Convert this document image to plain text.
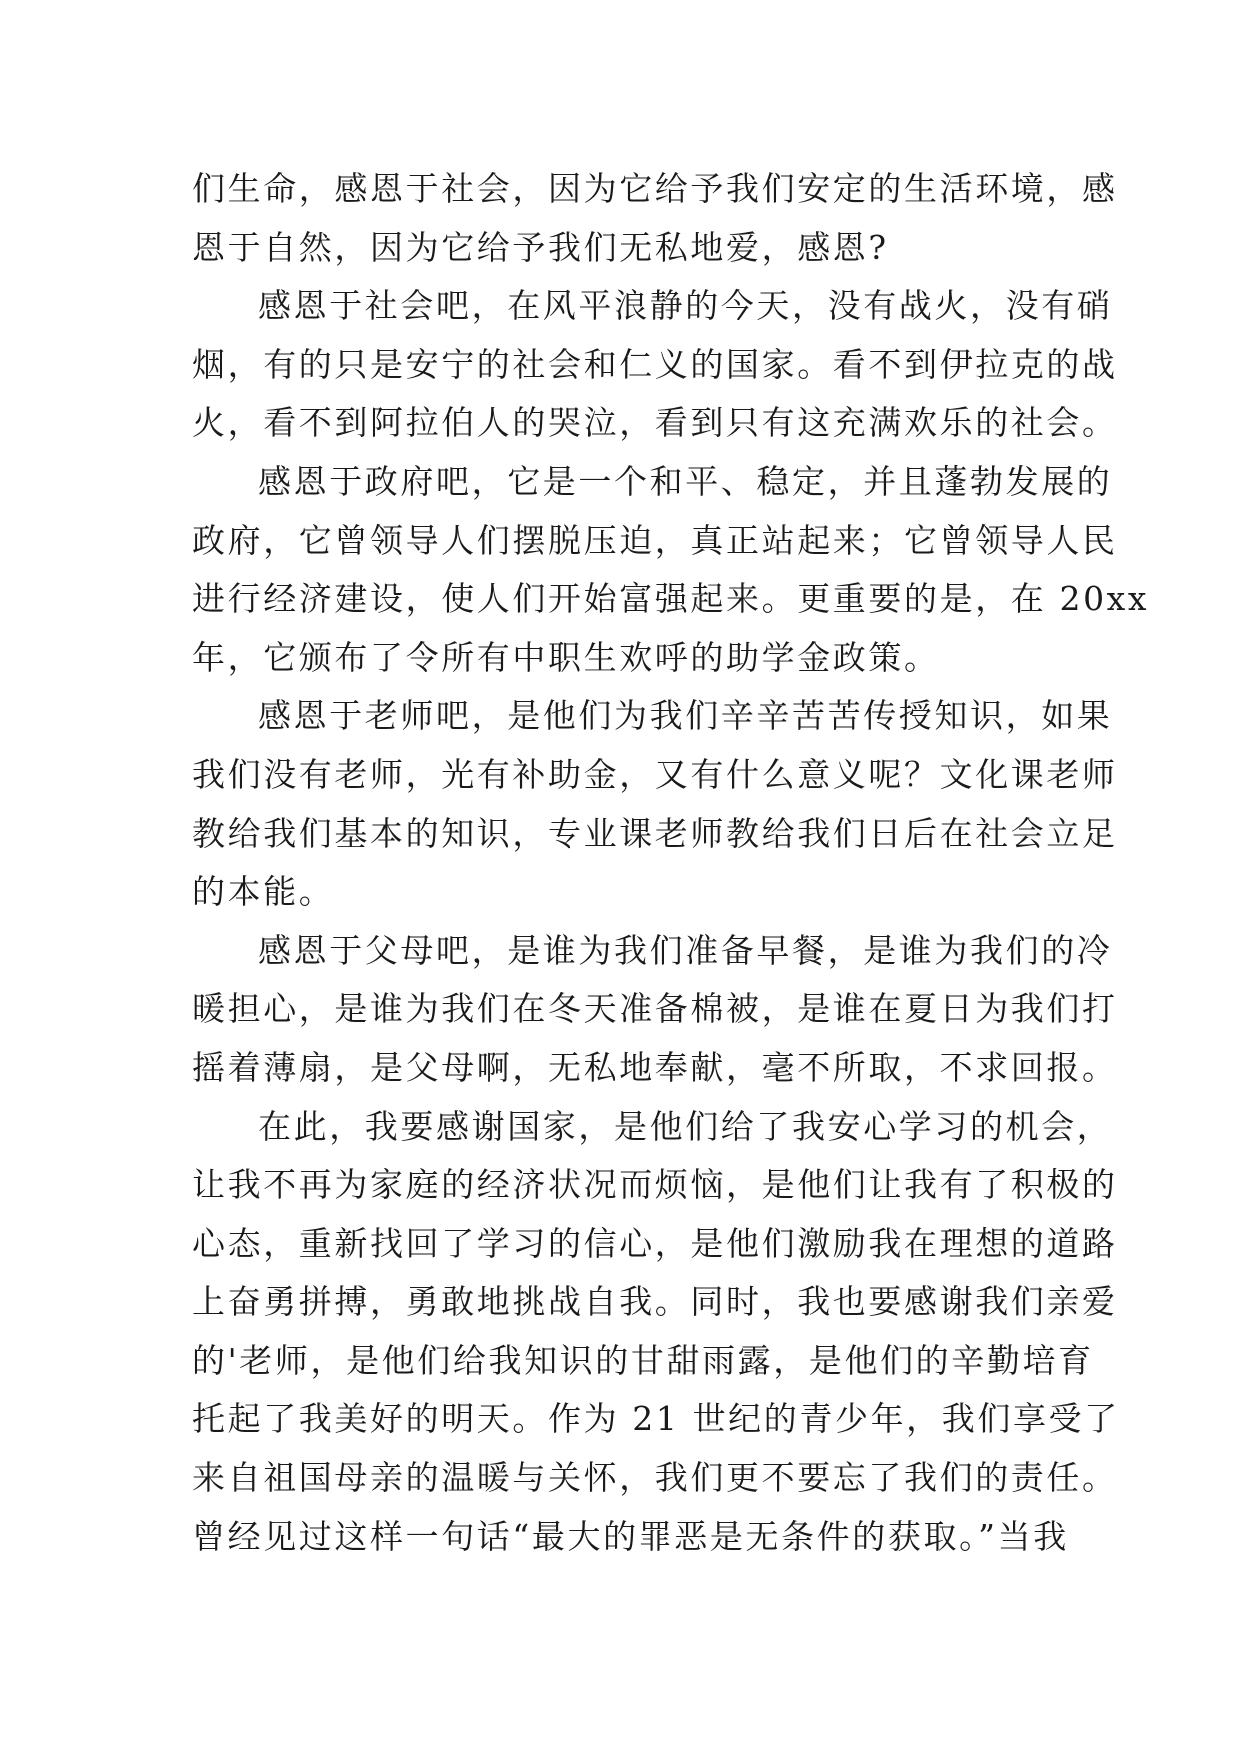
们生命，感恩于社会，因为它给予我们安定的生活环境，感
恩于自然，因为它给予我们无私地爱，感恩?
感恩于社会吧，在风平浪静的今天，没有战火，没有硝
烟，有的只是安宁的社会和仁义的国家。看不到伊拉克的战
火，看不到阿拉伯人的哭泣，看到只有这充满欢乐的社会。
感恩于政府吧，它是一个和平、稳定，并且蓬勃发展的
政府，它曾领导人们摆脱压迫，真正站起来；它曾领导人民
进行经济建设，使人们开始富强起来。更重要的是，在 20xx
年，它颁布了令所有中职生欢呼的助学金政策。
感恩于老师吧，是他们为我们辛辛苦苦传授知识，如果
我们没有老师，光有补助金，又有什么意义呢？文化课老师
教给我们基本的知识，专业课老师教给我们日后在社会立足
的本能。
感恩于父母吧，是谁为我们准备早餐，是谁为我们的冷
暖担心，是谁为我们在冬天准备棉被，是谁在夏日为我们打
摇着薄扇，是父母啊，无私地奉献，毫不所取，不求回报。
在此，我要感谢国家，是他们给了我安心学习的机会，
让我不再为家庭的经济状况而烦恼，是他们让我有了积极的
心态，重新找回了学习的信心，是他们激励我在理想的道路
上奋勇拼搏，勇敢地挑战自我。同时，我也要感谢我们亲爱
的'老师，是他们给我知识的甘甜雨露，是他们的辛勤培育
托起了我美好的明天。作为 21 世纪的青少年，我们享受了
来自祖国母亲的温暖与关怀，我们更不要忘了我们的责任。
曾经见过这样一句话“最大的罪恶是无条件的获取。”当我
